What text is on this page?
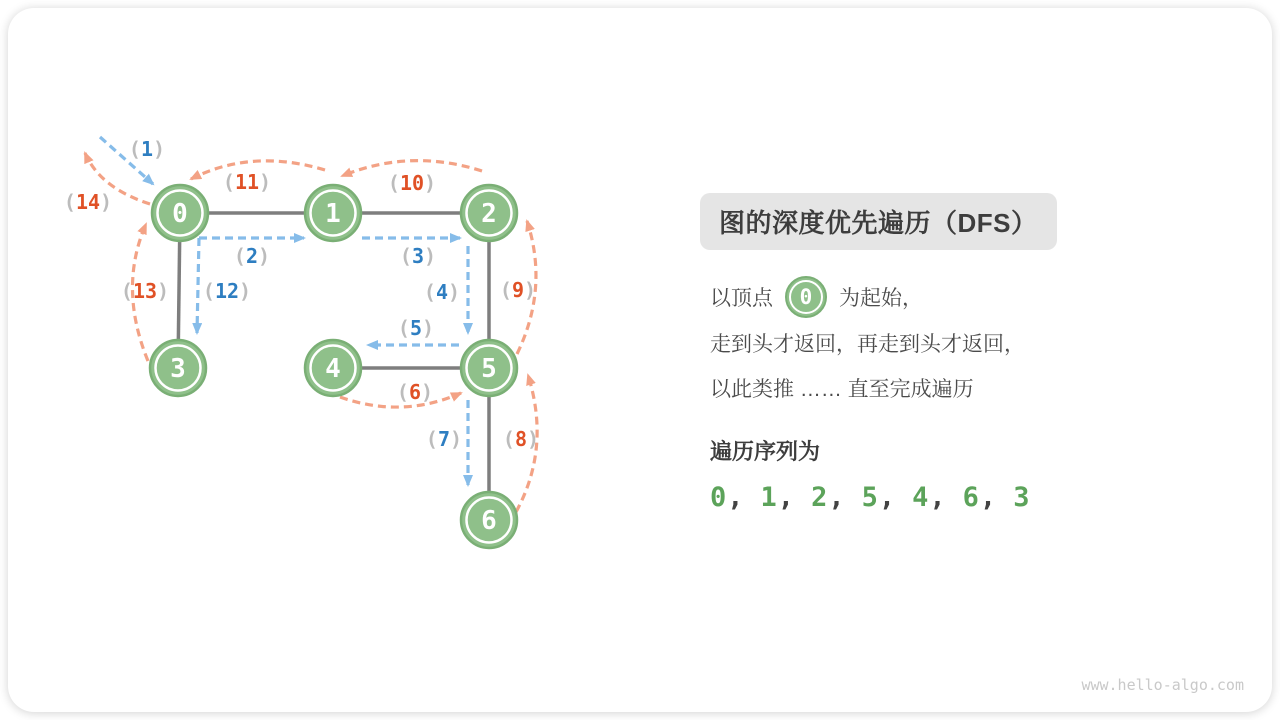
(1)
(2)	(3)
(4)
(5)
(6)
(7) (8)
(9)
(10)
(11)
(12)
(13)
(14) 0	1	2
3	4	5
6
图的深度优先遍历（DFS）
以顶点 0 为起始，
走到头才返回，再走到头才返回，
以此类推 …… 直至完成遍历
遍历序列为
0, 1, 2, 5, 4, 6, 3
www.hello-algo.com
